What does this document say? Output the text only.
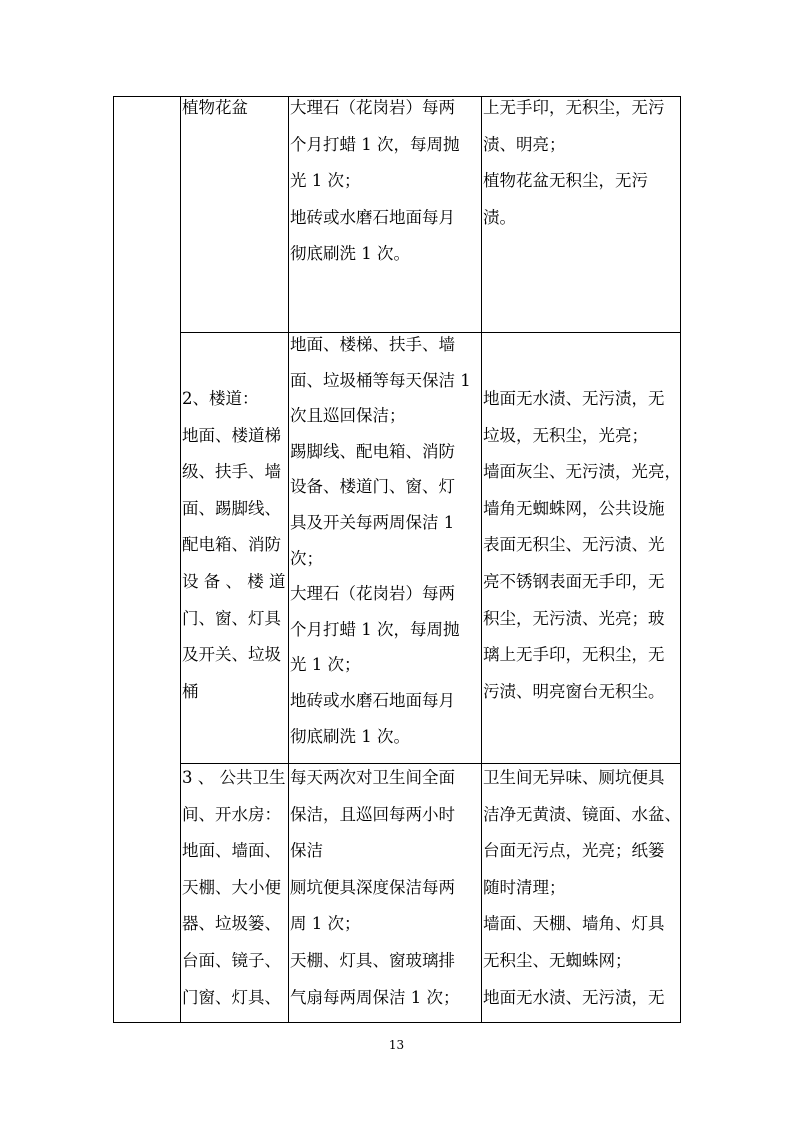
植物花盆	大理石（花岗岩）每两
个月打蜡 1 次，每周抛
光 1 次；
地砖或水磨石地面每月
彻底刷洗 1 次。
上无手印，无积尘，无污
渍、明亮；
植物花盆无积尘，无污
渍。
2、楼道：
地面、楼道梯
级、扶手、墙
面、踢脚线、
配电箱、消防
设 备 、 楼 道
门、窗、灯具
及开关、垃圾
桶
地面、楼梯、扶手、墙
面、垃圾桶等每天保洁 1
次且巡回保洁；
踢脚线、配电箱、消防
设备、楼道门、窗、灯
具及开关每两周保洁 1
次；
大理石（花岗岩）每两
个月打蜡 1 次，每周抛
光 1 次；
地砖或水磨石地面每月
彻底刷洗 1 次。
地面无水渍、无污渍，无
垃圾，无积尘，光亮；
墙面灰尘、无污渍，光亮，
墙角无蜘蛛网，公共设施
表面无积尘、无污渍、光
亮不锈钢表面无手印，无
积尘，无污渍、光亮；玻
璃上无手印，无积尘，无
污渍、明亮窗台无积尘。
3 、 公共卫生
间、开水房：
地面、墙面、
天棚、大小便
器、垃圾篓、
台面、镜子、
门窗、灯具、
每天两次对卫生间全面
保洁，且巡回每两小时
保洁
厕坑便具深度保洁每两
周 1 次；
天棚、灯具、窗玻璃排
气扇每两周保洁 1 次；
卫生间无异味、厕坑便具
洁净无黄渍、镜面、水盆、
台面无污点，光亮；纸篓
随时清理；
墙面、天棚、墙角、灯具
无积尘、无蜘蛛网；
地面无水渍、无污渍，无
13
